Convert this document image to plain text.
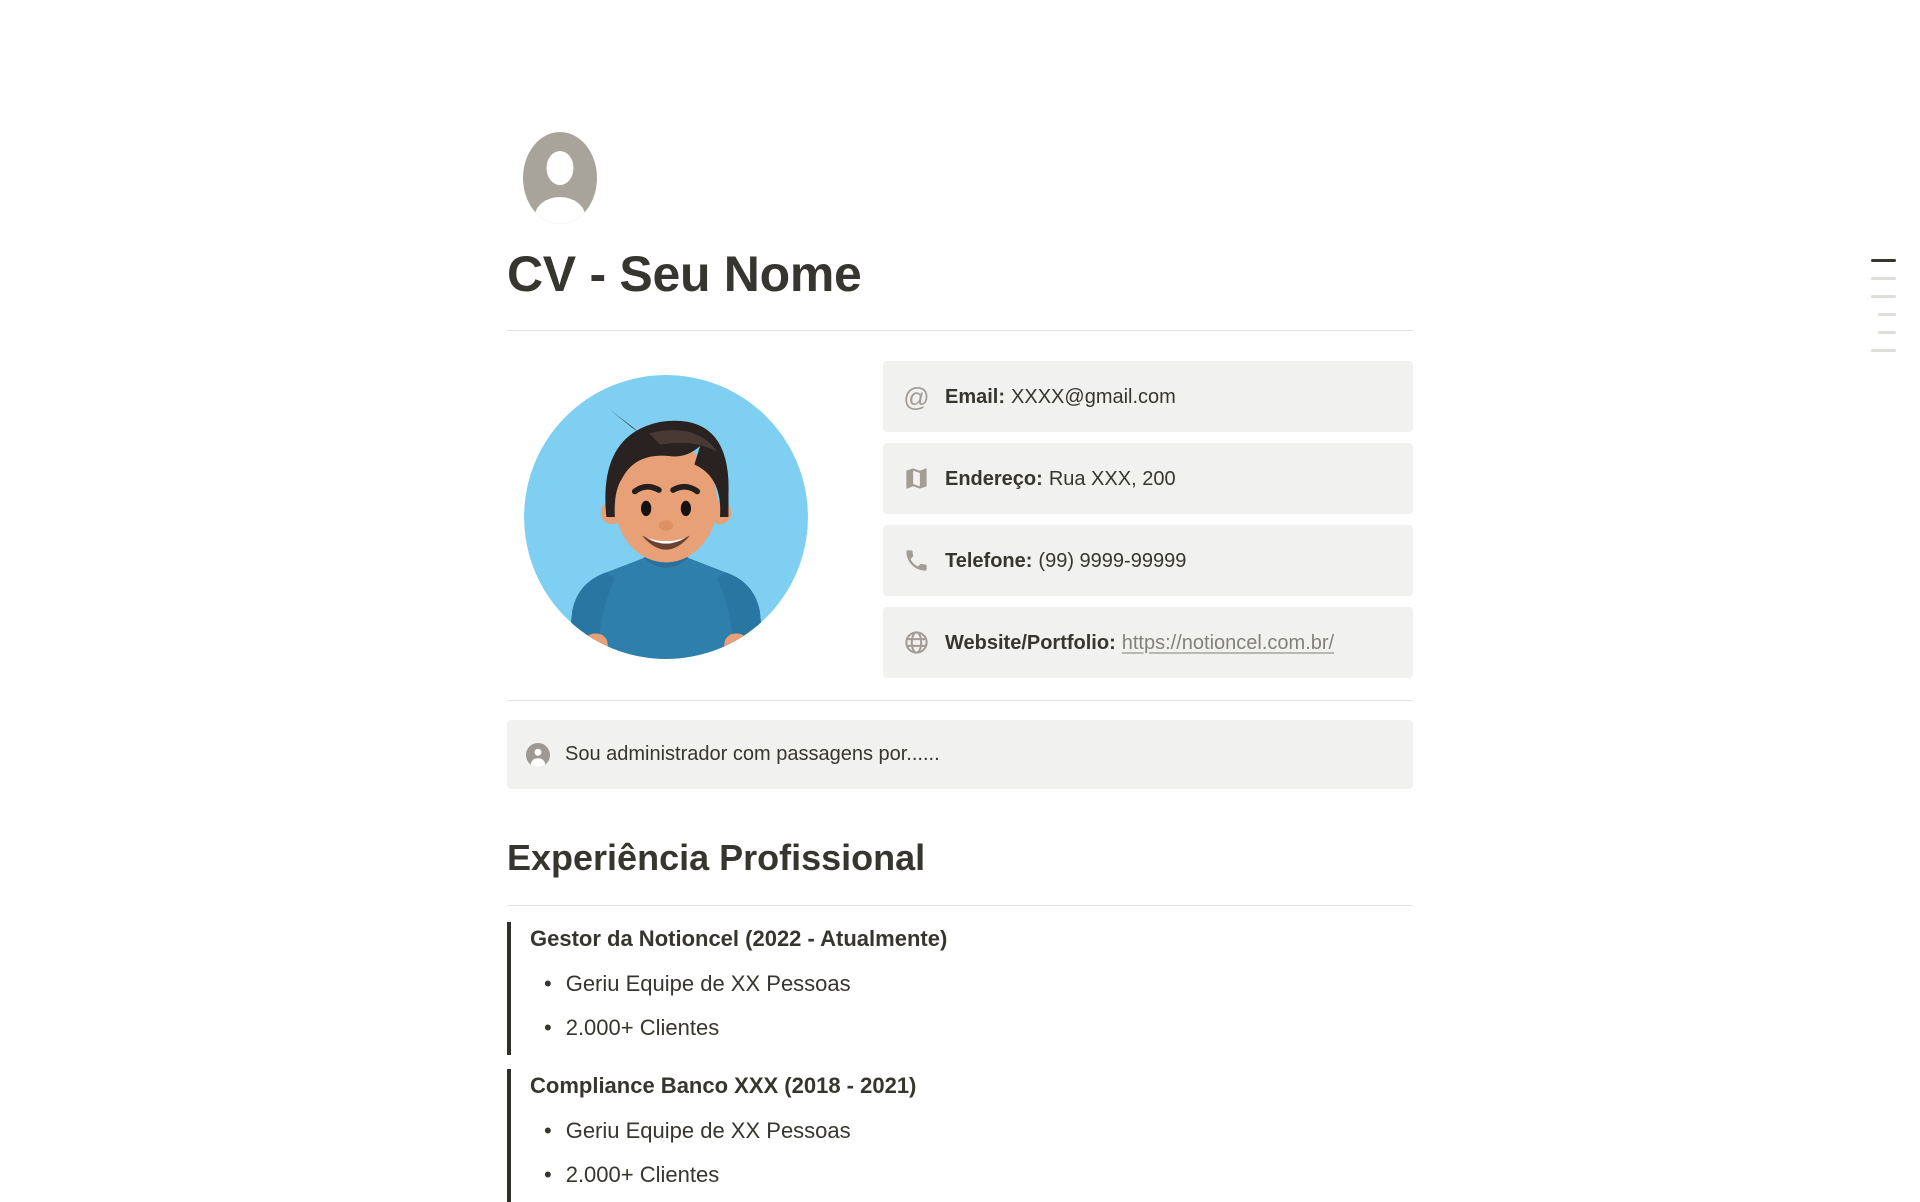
CV - Seu Nome
@
Email: XXXX@gmail.com
Endereço: Rua XXX, 200
Telefone: (99) 9999-99999
Website/Portfolio: https://notioncel.com.br/
Sou administrador com passagens por......
Experiência Profissional
Gestor da Notioncel (2022 - Atualmente)
• Geriu Equipe de XX Pessoas
• 2.000+ Clientes
Compliance Banco XXX (2018 - 2021)
• Geriu Equipe de XX Pessoas
• 2.000+ Clientes
